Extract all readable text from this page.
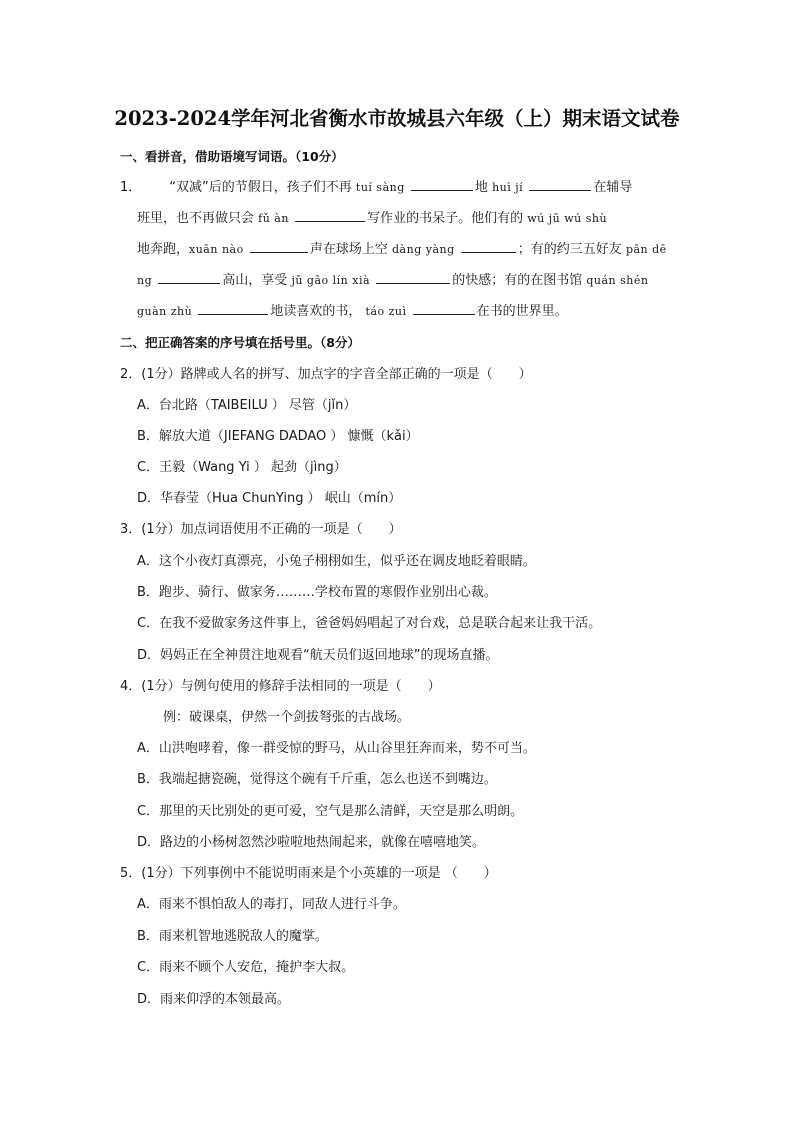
2023-2024学年河北省衡水市故城县六年级（上）期末语文试卷
一、看拼音，借助语境写词语。（10分）
1． “双减”后的节假日，孩子们不再 tuí sàng	地 huì jí	在辅导
班里，也不再做只会 fǔ àn	写作业的书呆子。他们有的 wú jū wú shù
地奔跑，xuān nào	声在球场上空 dàng yàng	；有的约三五好友 pān dē
ng	高山，享受 jū gāo lín xià	的快感；有的在图书馆 quán shén
guàn zhù	地读喜欢的书， táo zuì	在书的世界里。
二、把正确答案的序号填在括号里。（8分）
2．(1分）路牌或人名的拼写、加点字的字音全部正确的一项是（　　）
A．台北路（TAIBEILU ） 尽管（jǐn）
B．解放大道（JIEFANG DADAO ） 慷慨（kǎi）
C．王毅（Wang Yi ） 起劲（jìng）
D．华春莹（Hua ChunYing ） 岷山（mín）
3．(1分）加点词语使用不正确的一项是（　　）
A．这个小夜灯真漂亮，小兔子栩栩如生，似乎还在调皮地眨着眼睛。
B．跑步、骑行、做家务………学校布置的寒假作业别出心裁。
C．在我不爱做家务这件事上，爸爸妈妈唱起了对台戏，总是联合起来让我干活。
D．妈妈正在全神贯注地观看“航天员们返回地球”的现场直播。
4．(1分）与例句使用的修辞手法相同的一项是（　　）
例：破课桌，伊然一个剑拔弩张的古战场。
A．山洪咆哮着，像一群受惊的野马，从山谷里狂奔而来，势不可当。
B．我端起搪瓷碗，觉得这个碗有千斤重，怎么也送不到嘴边。
C．那里的天比别处的更可爱，空气是那么清鲜，天空是那么明朗。
D．路边的小杨树忽然沙啦啦地热闹起来，就像在嘻嘻地笑。
5．(1分）下列事例中不能说明雨来是个小英雄的一项是 （　　）
A．雨来不惧怕敌人的毒打，同敌人进行斗争。
B．雨来机智地逃脱敌人的魔掌。
C．雨来不顾个人安危，掩护李大叔。
D．雨来仰浮的本领最高。
